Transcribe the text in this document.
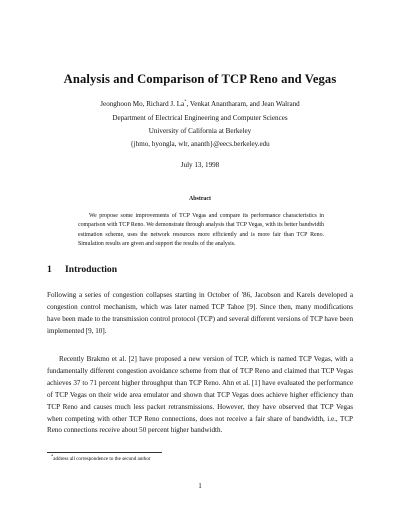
Analysis and Comparison of TCP Reno and Vegas
Jeonghoon Mo, Richard J. La*, Venkat Anantharam, and Jean Walrand
Department of Electrical Engineering and Computer Sciences
University of California at Berkeley
{jhmo, hyongla, wlr, ananth}@eecs.berkeley.edu
July 13, 1998
Abstract
We propose some improvements of TCP Vegas and compare its performance characteristics in comparison with TCP Reno. We demonstrate through analysis that TCP Vegas, with its better bandwidth estimation scheme, uses the network resources more efficiently and is more fair than TCP Reno. Simulation results are given and support the results of the analysis.
1 Introduction
Following a series of congestion collapses starting in October of '86, Jacobson and Karels developed a congestion control mechanism, which was later named TCP Tahoe [9]. Since then, many modifications have been made to the transmission control protocol (TCP) and several different versions of TCP have been implemented [9, 10].
Recently Brakmo et al. [2] have proposed a new version of TCP, which is named TCP Vegas, with a fundamentally different congestion avoidance scheme from that of TCP Reno and claimed that TCP Vegas achieves 37 to 71 percent higher throughput than TCP Reno. Ahn et al. [1] have evaluated the performance of TCP Vegas on their wide area emulator and shown that TCP Vegas does achieve higher efficiency than TCP Reno and causes much less packet retransmissions. However, they have observed that TCP Vegas when competing with other TCP Reno connections, does not receive a fair share of bandwidth, i.e., TCP Reno connections receive about 50 percent higher bandwidth.
*address all correspondence to the second author
1
